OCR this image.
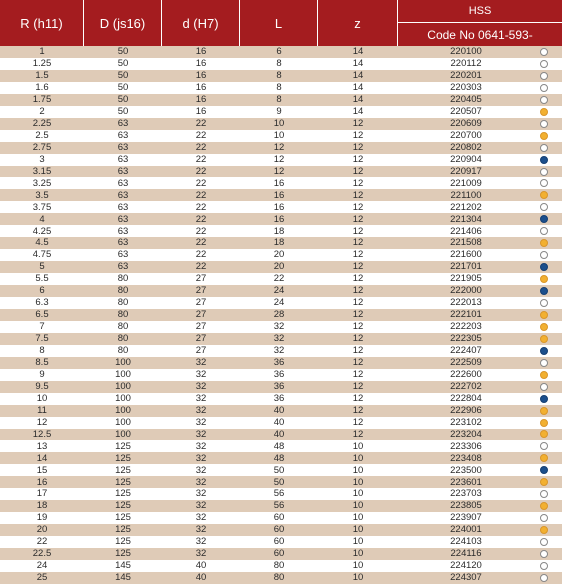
R (h11)	D (js16)	d (H7)	L	z
HSS
Code No 0641-593-
1	50	16	6	14	220100
1.25	50	16	8	14	220112
1.5	50	16	8	14	220201
1.6	50	16	8	14	220303
1.75	50	16	8	14	220405
2	50	16	9	14	220507
2.25	63	22	10	12	220609
2.5	63	22	10	12	220700
2.75	63	22	12	12	220802
3	63	22	12	12	220904
3.15	63	22	12	12	220917
3.25	63	22	16	12	221009
3.5	63	22	16	12	221100
3.75	63	22	16	12	221202
4	63	22	16	12	221304
4.25	63	22	18	12	221406
4.5	63	22	18	12	221508
4.75	63	22	20	12	221600
5	63	22	20	12	221701
5.5	80	27	22	12	221905
6	80	27	24	12	222000
6.3	80	27	24	12	222013
6.5	80	27	28	12	222101
7	80	27	32	12	222203
7.5	80	27	32	12	222305
8	80	27	32	12	222407
8.5	100	32	36	12	222509
9	100	32	36	12	222600
9.5	100	32	36	12	222702
10	100	32	36	12	222804
11	100	32	40	12	222906
12	100	32	40	12	223102
12.5	100	32	40	12	223204
13	125	32	48	10	223306
14	125	32	48	10	223408
15	125	32	50	10	223500
16	125	32	50	10	223601
17	125	32	56	10	223703
18	125	32	56	10	223805
19	125	32	60	10	223907
20	125	32	60	10	224001
22	125	32	60	10	224103
22.5	125	32	60	10	224116
24	145	40	80	10	224120
25	145	40	80	10	224307
